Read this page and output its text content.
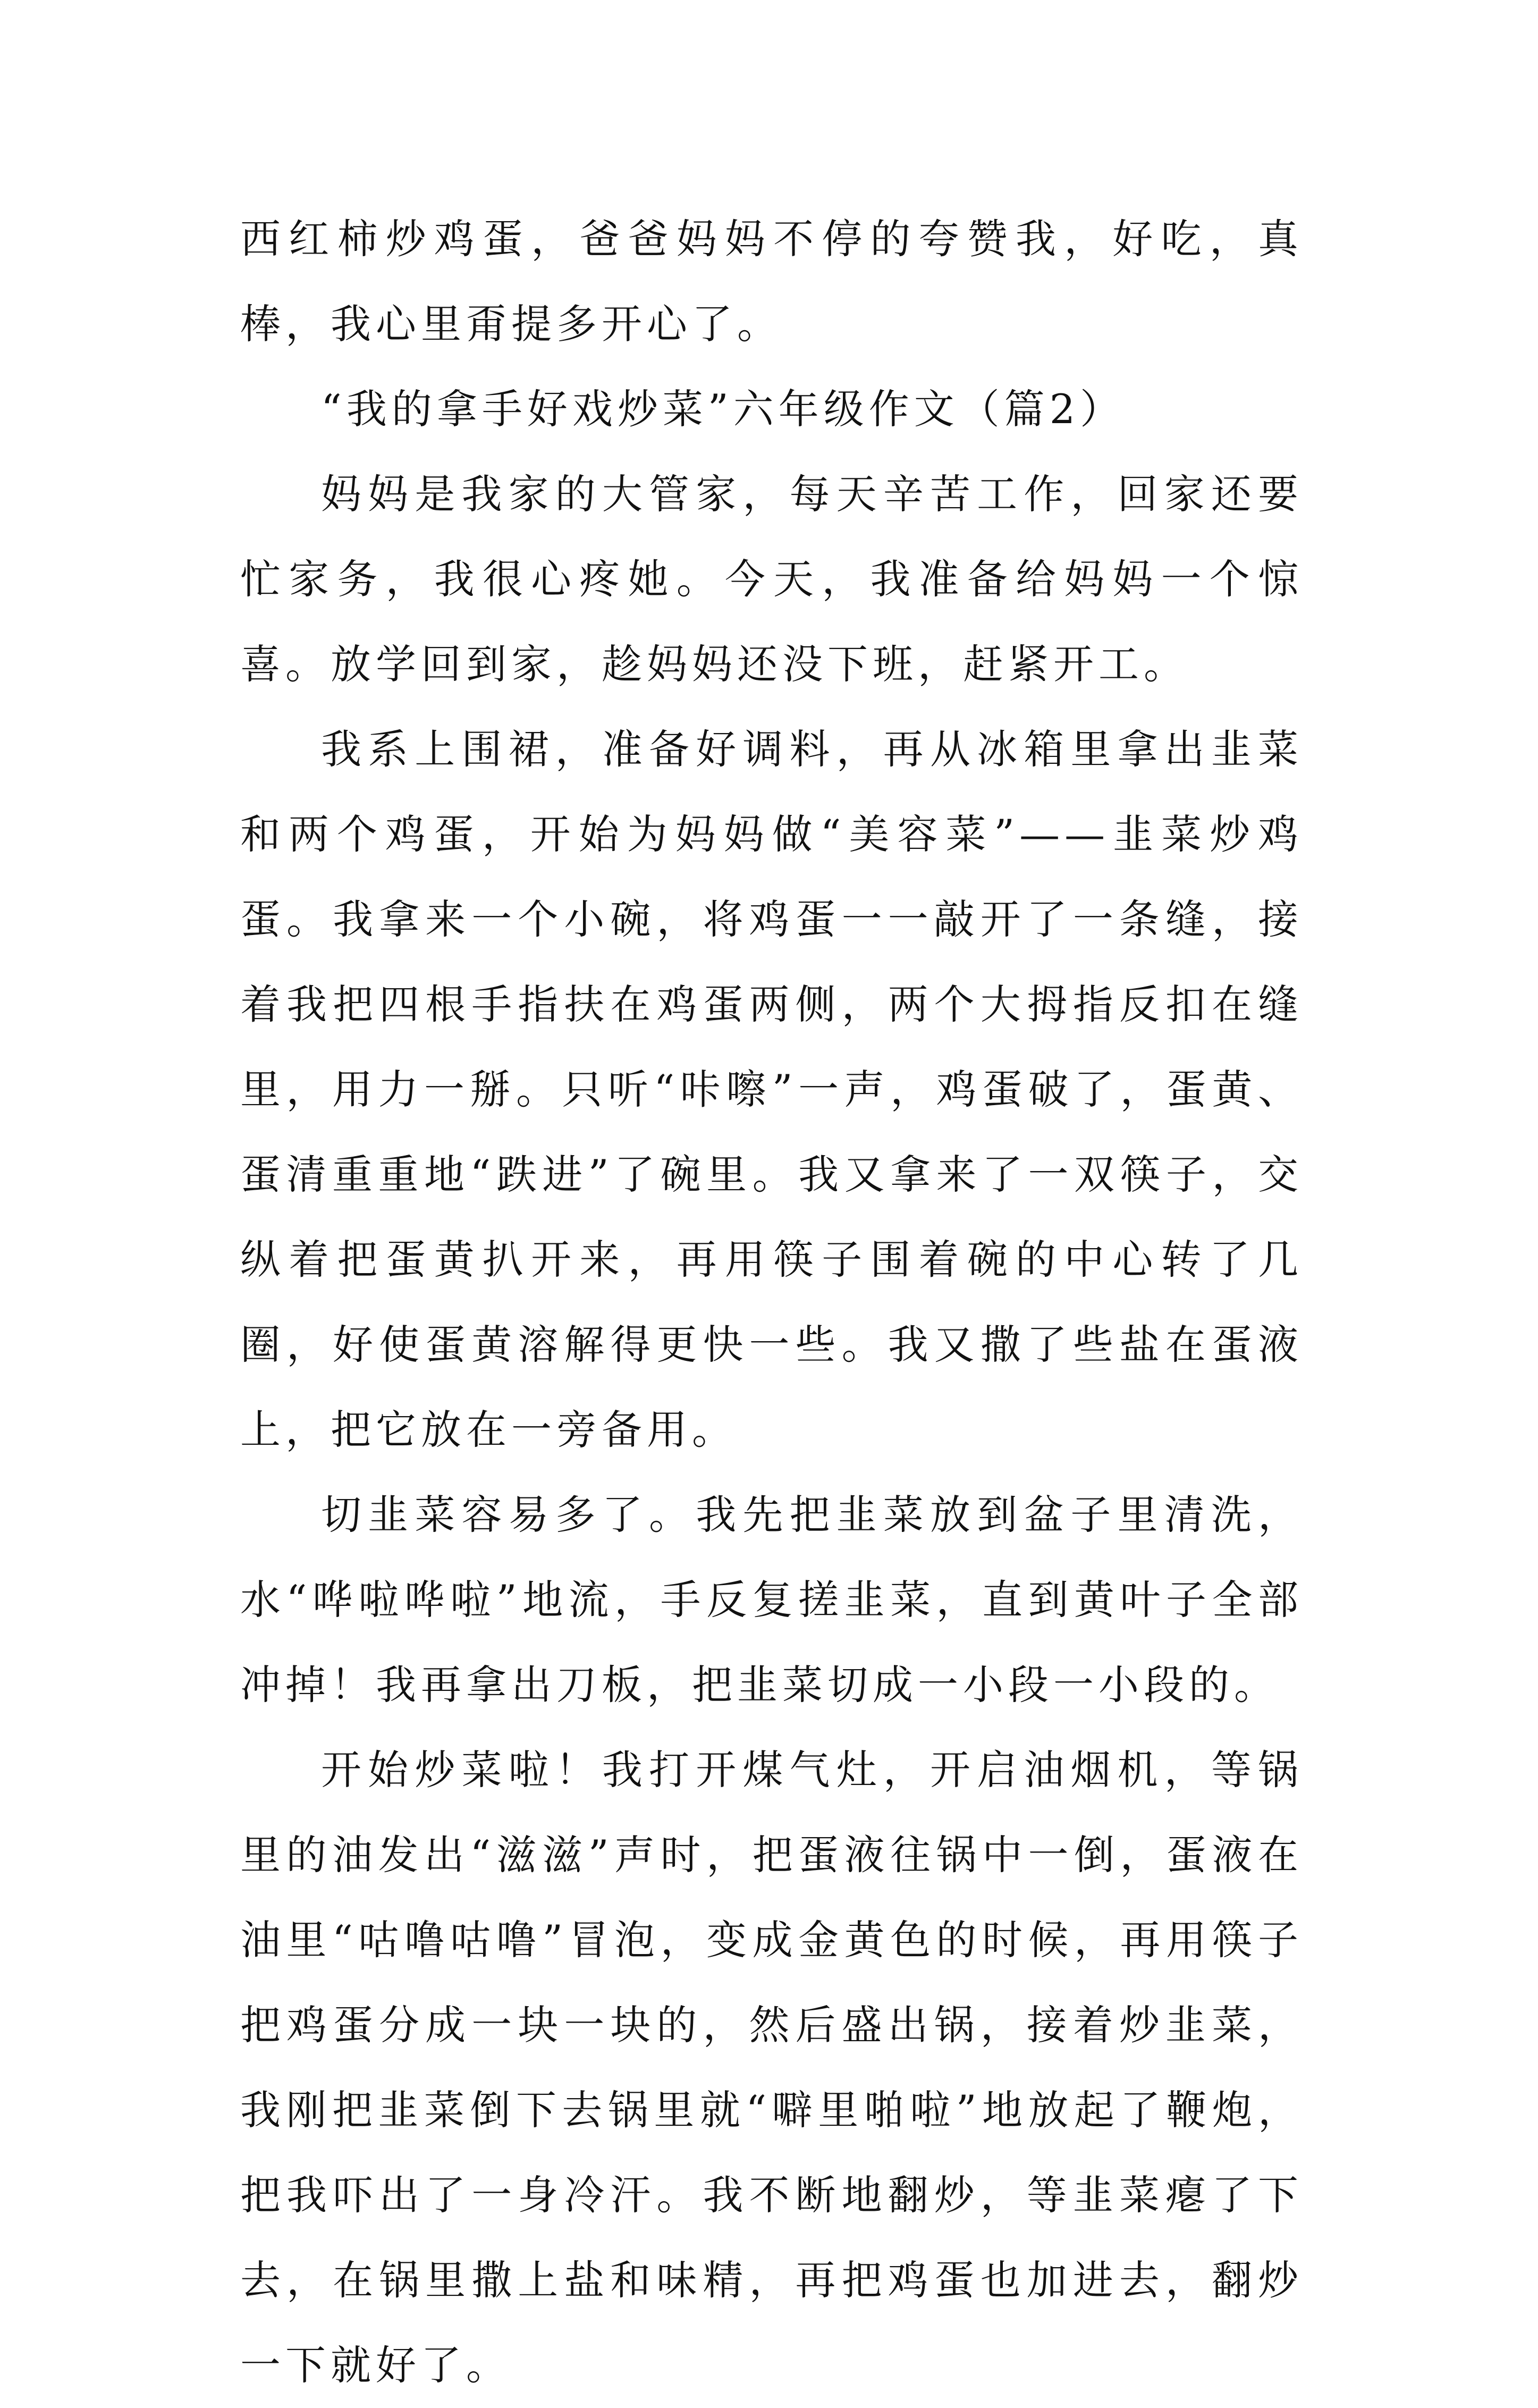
西红柿炒鸡蛋，爸爸妈妈不停的夸赞我，好吃，真棒，我心里甭提多开心了。

“我的拿手好戏炒菜”六年级作文（篇2）

妈妈是我家的大管家，每天辛苦工作，回家还要忙家务，我很心疼她。今天，我准备给妈妈一个惊喜。放学回到家，趁妈妈还没下班，赶紧开工。

我系上围裙，准备好调料，再从冰箱里拿出韭菜和两个鸡蛋，开始为妈妈做“美容菜”——韭菜炒鸡蛋。我拿来一个小碗，将鸡蛋一一敲开了一条缝，接着我把四根手指扶在鸡蛋两侧，两个大拇指反扣在缝里，用力一掰。只听“咔嚓”一声，鸡蛋破了，蛋黄、蛋清重重地“跌进”了碗里。我又拿来了一双筷子，交纵着把蛋黄扒开来，再用筷子围着碗的中心转了几圈，好使蛋黄溶解得更快一些。我又撒了些盐在蛋液上，把它放在一旁备用。

切韭菜容易多了。我先把韭菜放到盆子里清洗，水“哗啦哗啦”地流，手反复搓韭菜，直到黄叶子全部冲掉！我再拿出刀板，把韭菜切成一小段一小段的。

开始炒菜啦！我打开煤气灶，开启油烟机，等锅里的油发出“滋滋”声时，把蛋液往锅中一倒，蛋液在油里“咕噜咕噜”冒泡，变成金黄色的时候，再用筷子把鸡蛋分成一块一块的，然后盛出锅，接着炒韭菜，我刚把韭菜倒下去锅里就“噼里啪啦”地放起了鞭炮，把我吓出了一身冷汗。我不断地翻炒，等韭菜瘪了下去，在锅里撒上盐和味精，再把鸡蛋也加进去，翻炒一下就好了。
